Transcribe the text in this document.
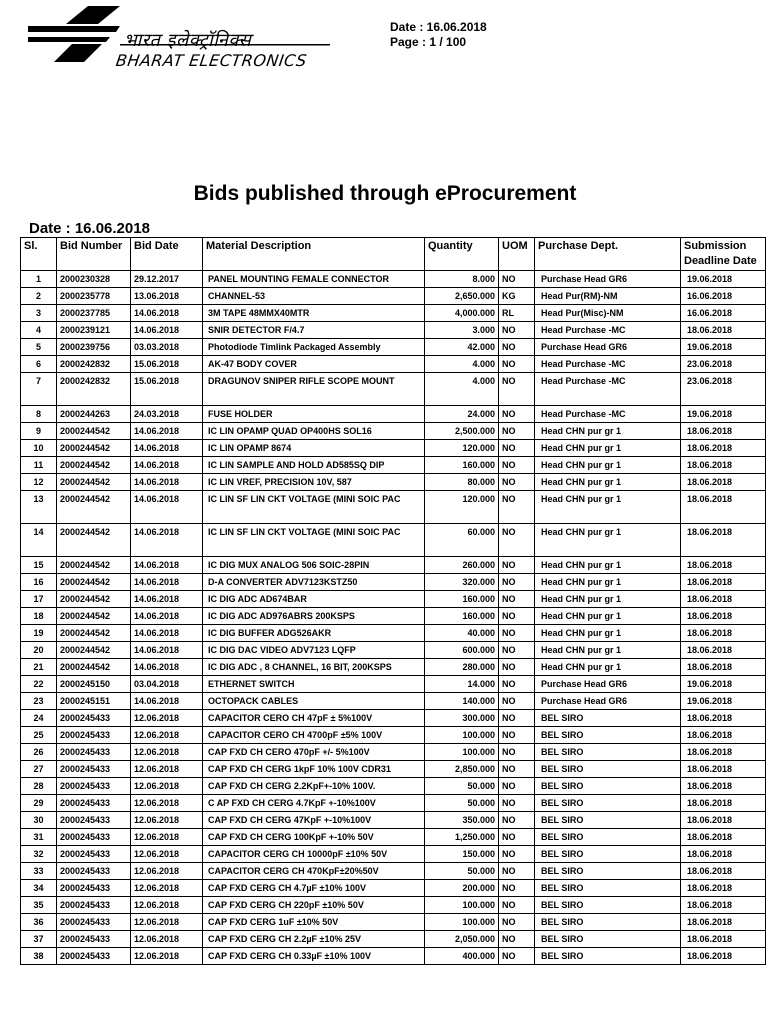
भारत इलेक्ट्रॉनिक्स
BHARAT ELECTRONICS
Date : 16.06.2018
Page : 1 / 100
Bids published through eProcurement
Date : 16.06.2018
Sl.	Bid Number	Bid Date	Material Description	Quantity	UOM	Purchase Dept.	Submission Deadline Date
1	2000230328	29.12.2017	PANEL MOUNTING FEMALE CONNECTOR	8.000	NO	Purchase Head GR6	19.06.2018
2	2000235778	13.06.2018	CHANNEL-53	2,650.000	KG	Head Pur(RM)-NM	16.06.2018
3	2000237785	14.06.2018	3M TAPE 48MMX40MTR	4,000.000	RL	Head Pur(Misc)-NM	16.06.2018
4	2000239121	14.06.2018	SNIR DETECTOR F/4.7	3.000	NO	Head Purchase -MC	18.06.2018
5	2000239756	03.03.2018	Photodiode Timlink Packaged Assembly	42.000	NO	Purchase Head GR6	19.06.2018
6	2000242832	15.06.2018	AK-47 BODY COVER	4.000	NO	Head Purchase -MC	23.06.2018
7	2000242832	15.06.2018	DRAGUNOV SNIPER RIFLE SCOPE MOUNT	4.000	NO	Head Purchase -MC	23.06.2018
8	2000244263	24.03.2018	FUSE HOLDER	24.000	NO	Head Purchase -MC	19.06.2018
9	2000244542	14.06.2018	IC LIN OPAMP QUAD OP400HS SOL16	2,500.000	NO	Head CHN pur gr 1	18.06.2018
10	2000244542	14.06.2018	IC LIN OPAMP 8674	120.000	NO	Head CHN pur gr 1	18.06.2018
11	2000244542	14.06.2018	IC LIN SAMPLE AND HOLD AD585SQ DIP	160.000	NO	Head CHN pur gr 1	18.06.2018
12	2000244542	14.06.2018	IC LIN VREF, PRECISION 10V, 587	80.000	NO	Head CHN pur gr 1	18.06.2018
13	2000244542	14.06.2018	IC LIN SF LIN CKT VOLTAGE (MINI SOIC PAC	120.000	NO	Head CHN pur gr 1	18.06.2018
14	2000244542	14.06.2018	IC LIN SF LIN CKT VOLTAGE (MINI SOIC PAC	60.000	NO	Head CHN pur gr 1	18.06.2018
15	2000244542	14.06.2018	IC DIG MUX ANALOG 506 SOIC-28PIN	260.000	NO	Head CHN pur gr 1	18.06.2018
16	2000244542	14.06.2018	D-A CONVERTER ADV7123KSTZ50	320.000	NO	Head CHN pur gr 1	18.06.2018
17	2000244542	14.06.2018	IC DIG ADC AD674BAR	160.000	NO	Head CHN pur gr 1	18.06.2018
18	2000244542	14.06.2018	IC DIG ADC AD976ABRS 200KSPS	160.000	NO	Head CHN pur gr 1	18.06.2018
19	2000244542	14.06.2018	IC DIG BUFFER ADG526AKR	40.000	NO	Head CHN pur gr 1	18.06.2018
20	2000244542	14.06.2018	IC DIG DAC VIDEO ADV7123 LQFP	600.000	NO	Head CHN pur gr 1	18.06.2018
21	2000244542	14.06.2018	IC DIG ADC , 8 CHANNEL, 16 BIT, 200KSPS	280.000	NO	Head CHN pur gr 1	18.06.2018
22	2000245150	03.04.2018	ETHERNET SWITCH	14.000	NO	Purchase Head GR6	19.06.2018
23	2000245151	14.06.2018	OCTOPACK CABLES	140.000	NO	Purchase Head GR6	19.06.2018
24	2000245433	12.06.2018	CAPACITOR CERO CH 47pF ± 5%100V	300.000	NO	BEL SIRO	18.06.2018
25	2000245433	12.06.2018	CAPACITOR CERO CH 4700pF ±5% 100V	100.000	NO	BEL SIRO	18.06.2018
26	2000245433	12.06.2018	CAP FXD CH CERO 470pF +/- 5%100V	100.000	NO	BEL SIRO	18.06.2018
27	2000245433	12.06.2018	CAP FXD CH CERG 1kpF 10% 100V CDR31	2,850.000	NO	BEL SIRO	18.06.2018
28	2000245433	12.06.2018	CAP FXD CH CERG 2.2KpF+-10% 100V.	50.000	NO	BEL SIRO	18.06.2018
29	2000245433	12.06.2018	C AP FXD CH CERG 4.7KpF +-10%100V	50.000	NO	BEL SIRO	18.06.2018
30	2000245433	12.06.2018	CAP FXD CH CERG 47KpF +-10%100V	350.000	NO	BEL SIRO	18.06.2018
31	2000245433	12.06.2018	CAP FXD CH CERG 100KpF +-10% 50V	1,250.000	NO	BEL SIRO	18.06.2018
32	2000245433	12.06.2018	CAPACITOR CERG CH 10000pF ±10% 50V	150.000	NO	BEL SIRO	18.06.2018
33	2000245433	12.06.2018	CAPACITOR CERG CH 470KpF±20%50V	50.000	NO	BEL SIRO	18.06.2018
34	2000245433	12.06.2018	CAP FXD CERG CH 4.7µF ±10% 100V	200.000	NO	BEL SIRO	18.06.2018
35	2000245433	12.06.2018	CAP FXD CERG CH 220pF ±10% 50V	100.000	NO	BEL SIRO	18.06.2018
36	2000245433	12.06.2018	CAP FXD CERG 1uF ±10% 50V	100.000	NO	BEL SIRO	18.06.2018
37	2000245433	12.06.2018	CAP FXD CERG CH 2.2µF ±10% 25V	2,050.000	NO	BEL SIRO	18.06.2018
38	2000245433	12.06.2018	CAP FXD CERG CH 0.33µF ±10% 100V	400.000	NO	BEL SIRO	18.06.2018
